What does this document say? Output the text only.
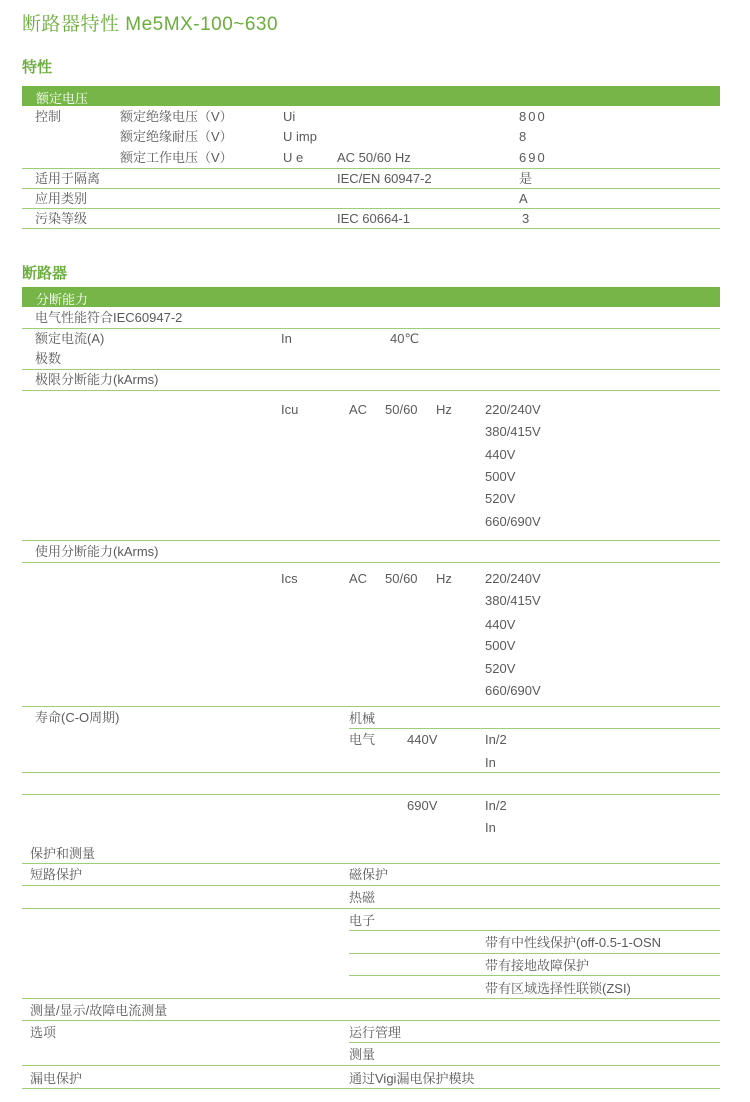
断路器特性 Me5MX-100~630
特性
额定电压
控制	额定绝缘电压（V）	Ui	800
额定绝缘耐压（V）	U imp	8
额定工作电压（V）	U e	AC 50/60 Hz	690
适用于隔离	IEC/EN 60947-2	是
应用类别	A
污染等级	IEC 60664-1	3
断路器
分断能力
电气性能符合IEC60947-2
额定电流(A)	In	40℃
极数
极限分断能力(kArms)
Icu	AC 50/60 Hz	220/240V
380/415V
440V
500V
520V
660/690V
使用分断能力(kArms)
Ics	AC 50/60 Hz	220/240V
380/415V
440V
500V
520V
660/690V
寿命(C-O周期)	机械
电气 440V	In/2
In
690V	In/2
In
保护和测量
短路保护	磁保护
热磁
电子
带有中性线保护(off-0.5-1-OSN
带有接地故障保护
带有区域选择性联锁(ZSI)
测量/显示/故障电流测量
选项	运行管理
测量
漏电保护	通过Vigi漏电保护模块
